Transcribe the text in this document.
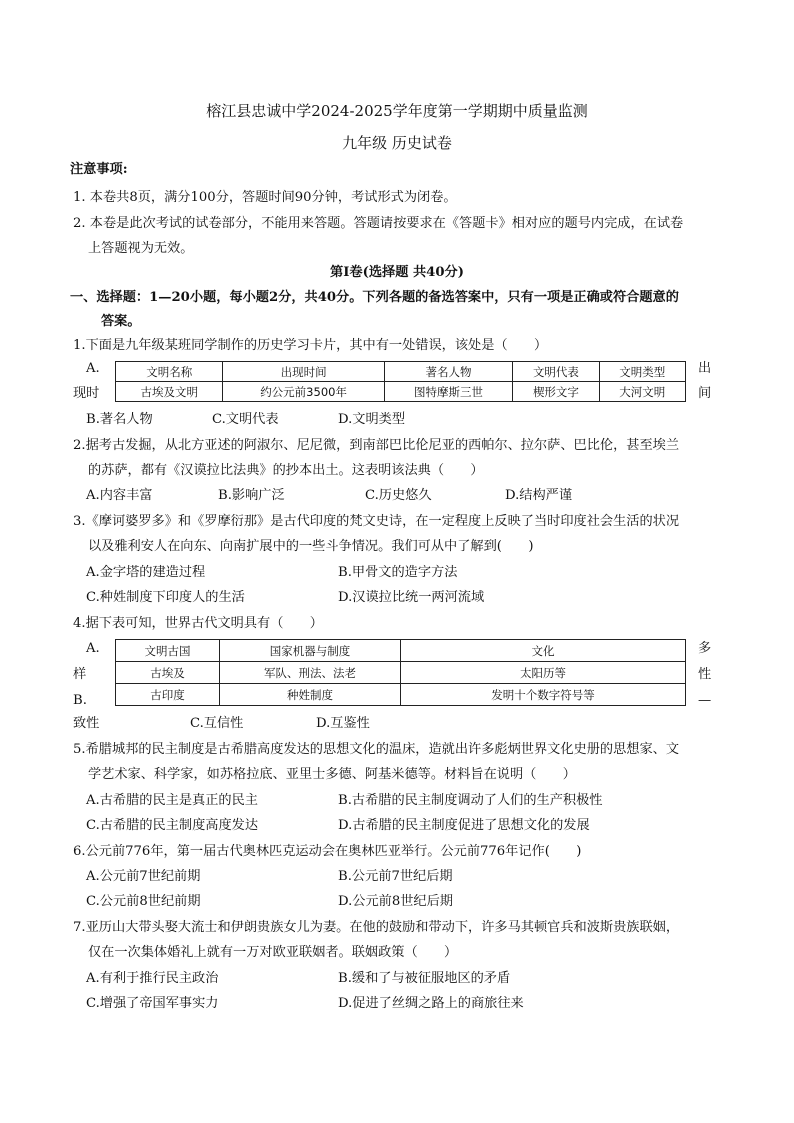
榕江县忠诚中学2024-2025学年度第一学期期中质量监测
九年级 历史试卷
注意事项:
1. 本卷共8页，满分100分，答题时间90分钟，考试形式为闭卷。
2. 本卷是此次考试的试卷部分，不能用来答题。答题请按要求在《答题卡》相对应的题号内完成，在试卷
上答题视为无效。
第Ⅰ卷(选择题 共40分)
一、选择题：1—20小题，每小题2分，共40分。下列各题的备选答案中，只有一项是正确或符合题意的
答案。
1.下面是九年级某班同学制作的历史学习卡片，其中有一处错误，该处是（　　）
A.
现时
出
间
文明名称	出现时间	著名人物	文明代表	文明类型
古埃及文明	约公元前3500年	图特摩斯三世	楔形文字	大河文明
B.著名人物	C.文明代表	D.文明类型
2.据考古发掘，从北方亚述的阿淑尔、尼尼微，到南部巴比伦尼亚的西帕尔、拉尔萨、巴比伦，甚至埃兰
的苏萨，都有《汉谟拉比法典》的抄本出土。这表明该法典（　　）
A.内容丰富	B.影响广泛	C.历史悠久	D.结构严谨
3.《摩诃婆罗多》和《罗摩衍那》是古代印度的梵文史诗，在一定程度上反映了当时印度社会生活的状况
以及雅利安人在向东、向南扩展中的一些斗争情况。我们可从中了解到(　　)
A.金字塔的建造过程	B.甲骨文的造字方法
C.种姓制度下印度人的生活	D.汉谟拉比统一两河流域
4.据下表可知，世界古代文明具有（　　）
A.
样
B.
多
性
—
文明古国	国家机器与制度	文化
古埃及	军队、刑法、法老	太阳历等
古印度	种姓制度	发明十个数字符号等
致性	C.互信性	D.互鉴性
5.希腊城邦的民主制度是古希腊高度发达的思想文化的温床，造就出许多彪炳世界文化史册的思想家、文
学艺术家、科学家，如苏格拉底、亚里士多德、阿基米德等。材料旨在说明（　　）
A.古希腊的民主是真正的民主	B.古希腊的民主制度调动了人们的生产积极性
C.古希腊的民主制度高度发达	D.古希腊的民主制度促进了思想文化的发展
6.公元前776年，第一届古代奥林匹克运动会在奥林匹亚举行。公元前776年记作(　　)
A.公元前7世纪前期	B.公元前7世纪后期
C.公元前8世纪前期	D.公元前8世纪后期
7.亚历山大带头娶大流士和伊朗贵族女儿为妻。在他的鼓励和带动下，许多马其顿官兵和波斯贵族联姻，
仅在一次集体婚礼上就有一万对欧亚联姻者。联姻政策（　　）
A.有利于推行民主政治	B.缓和了与被征服地区的矛盾
C.增强了帝国军事实力	D.促进了丝绸之路上的商旅往来
